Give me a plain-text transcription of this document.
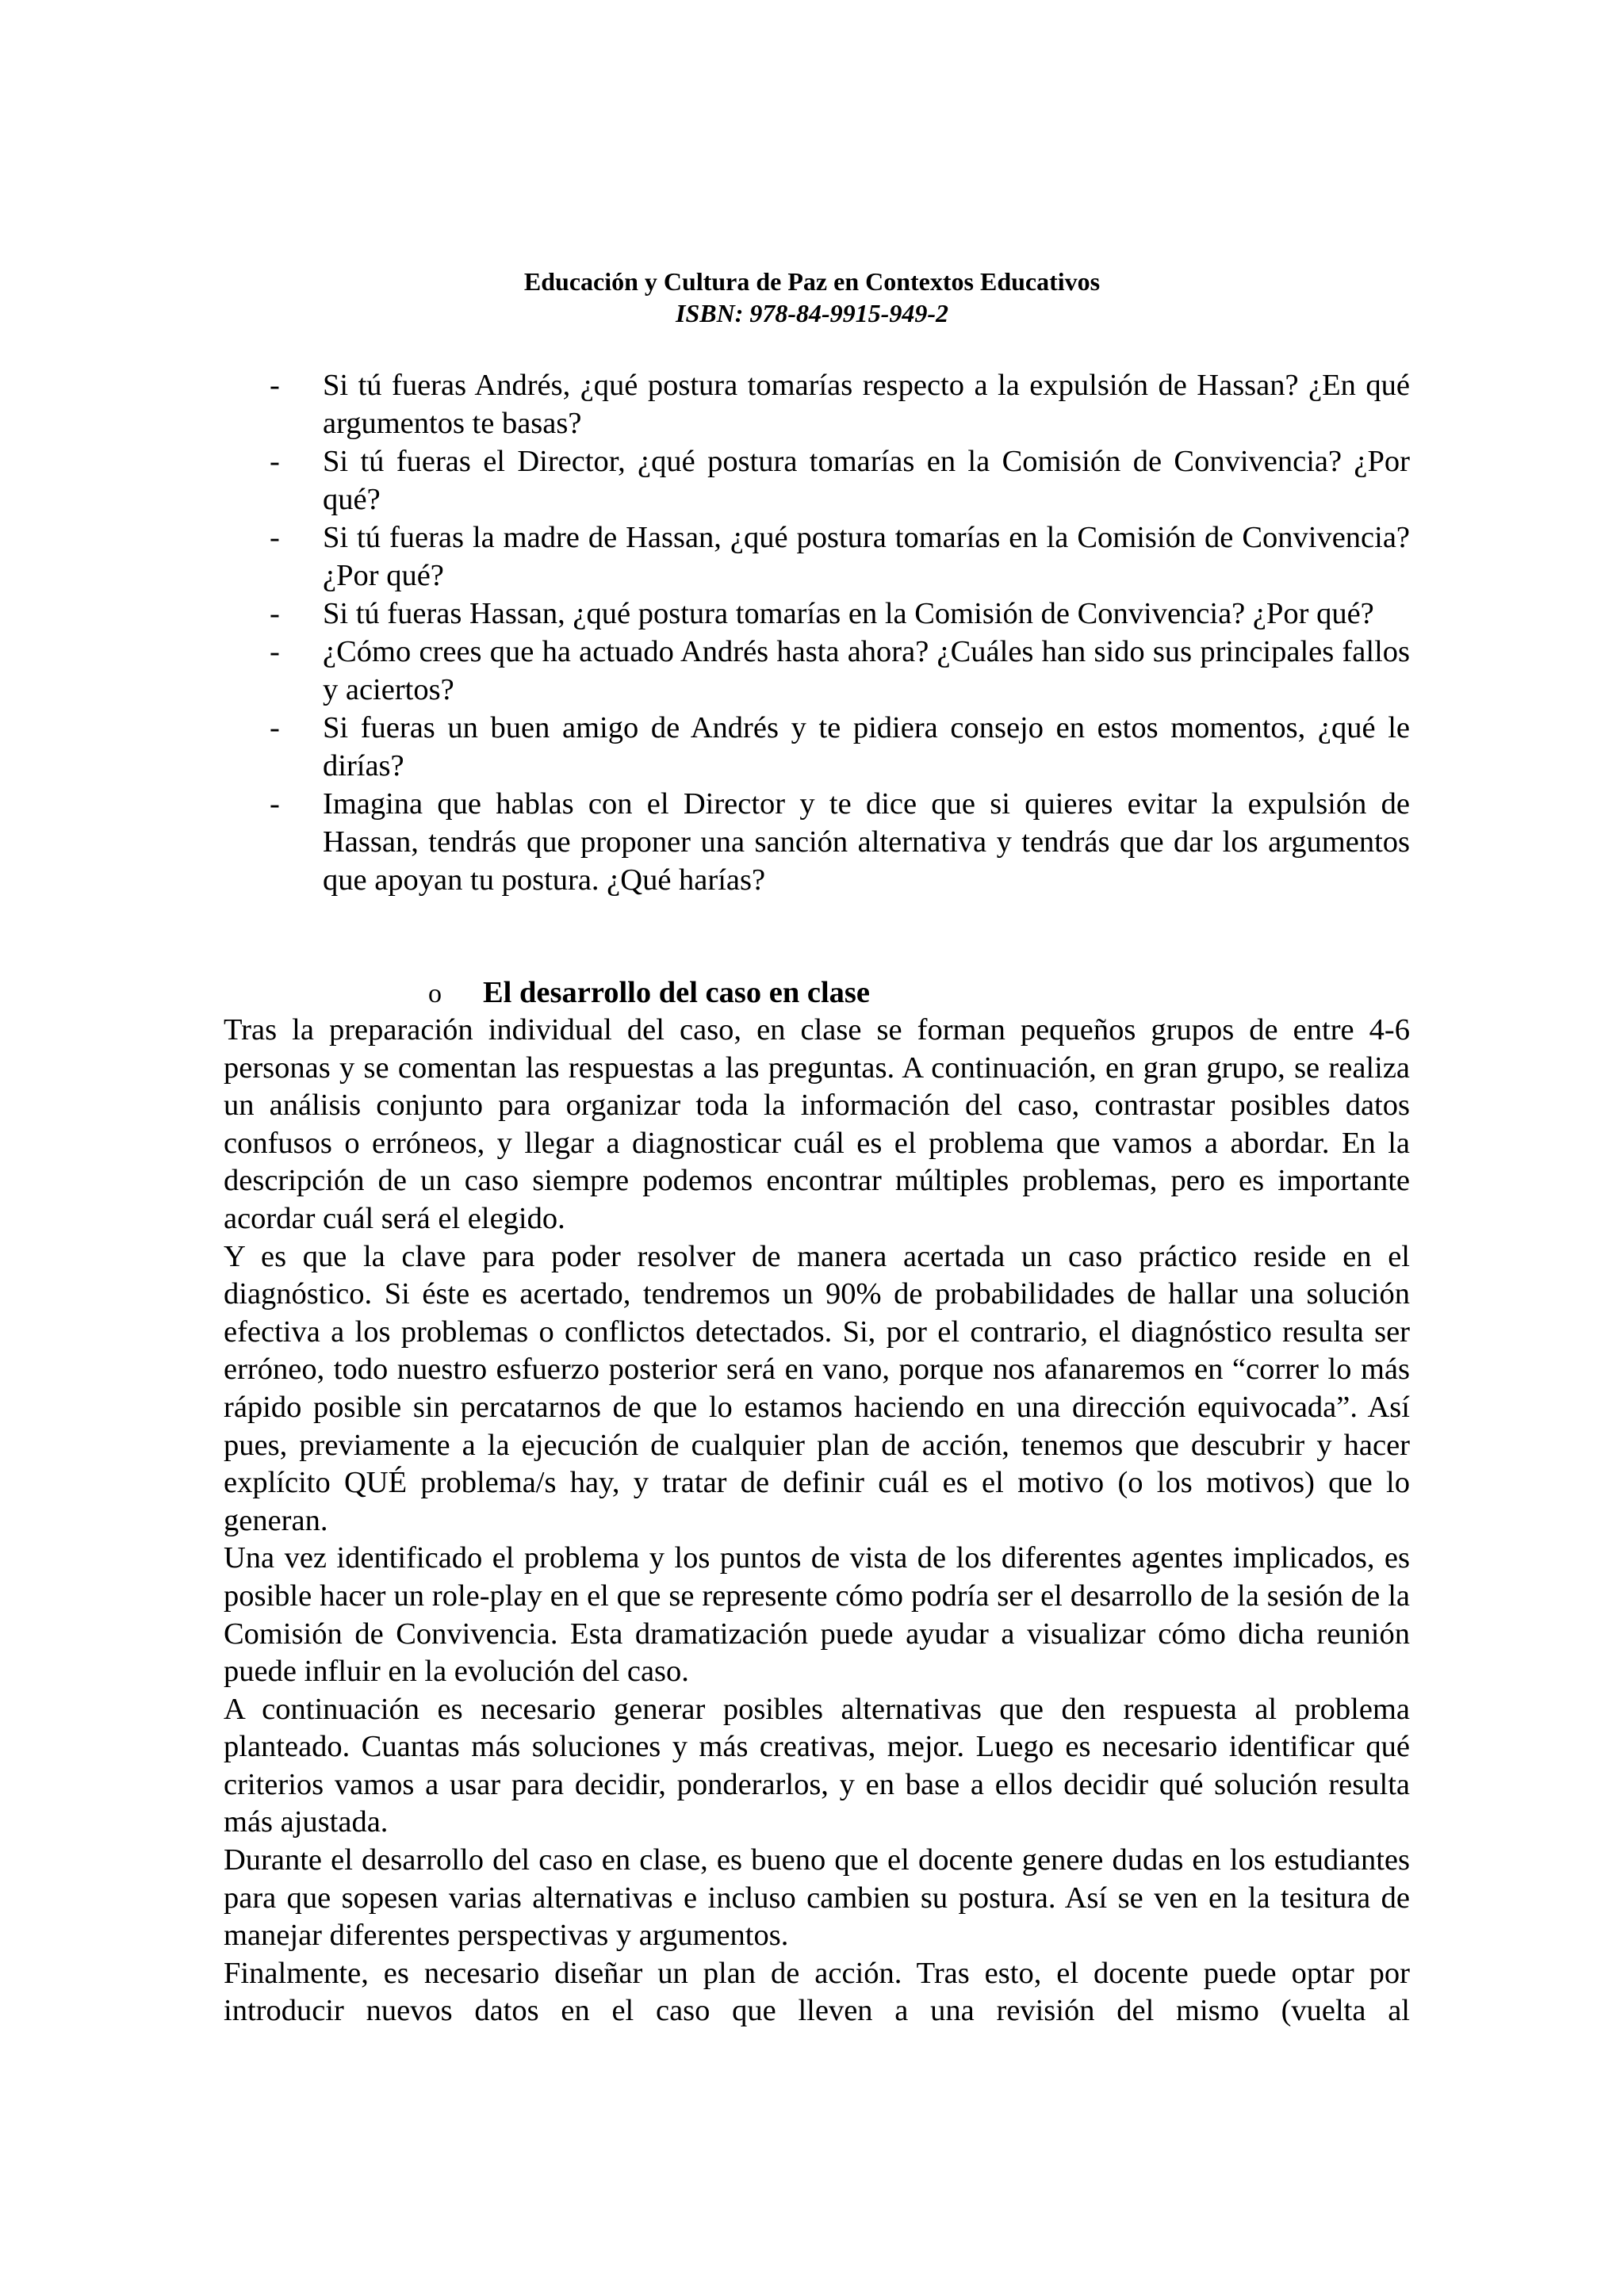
Educación y Cultura de Paz en Contextos Educativos
ISBN: 978-84-9915-949-2
- Si tú fueras Andrés, ¿qué postura tomarías respecto a la expulsión de Hassan? ¿En qué argumentos te basas?
- Si tú fueras el Director, ¿qué postura tomarías en la Comisión de Convivencia? ¿Por qué?
- Si tú fueras la madre de Hassan, ¿qué postura tomarías en la Comisión de Convivencia? ¿Por qué?
- Si tú fueras Hassan, ¿qué postura tomarías en la Comisión de Convivencia? ¿Por qué?
- ¿Cómo crees que ha actuado Andrés hasta ahora? ¿Cuáles han sido sus principales fallos y aciertos?
- Si fueras un buen amigo de Andrés y te pidiera consejo en estos momentos, ¿qué le dirías?
- Imagina que hablas con el Director y te dice que si quieres evitar la expulsión de Hassan, tendrás que proponer una sanción alternativa y tendrás que dar los argumentos que apoyan tu postura. ¿Qué harías?
o El desarrollo del caso en clase

Tras la preparación individual del caso, en clase se forman pequeños grupos de entre 4-6 personas y se comentan las respuestas a las preguntas. A continuación, en gran grupo, se realiza un análisis conjunto para organizar toda la información del caso, contrastar posibles datos confusos o erróneos, y llegar a diagnosticar cuál es el problema que vamos a abordar. En la descripción de un caso siempre podemos encontrar múltiples problemas, pero es importante acordar cuál será el elegido.

Y es que la clave para poder resolver de manera acertada un caso práctico reside en el diagnóstico. Si éste es acertado, tendremos un 90% de probabilidades de hallar una solución efectiva a los problemas o conflictos detectados. Si, por el contrario, el diagnóstico resulta ser erróneo, todo nuestro esfuerzo posterior será en vano, porque nos afanaremos en “correr lo más rápido posible sin percatarnos de que lo estamos haciendo en una dirección equivocada”. Así pues, previamente a la ejecución de cualquier plan de acción, tenemos que descubrir y hacer explícito QUÉ problema/s hay, y tratar de definir cuál es el motivo (o los motivos) que lo generan.

Una vez identificado el problema y los puntos de vista de los diferentes agentes implicados, es posible hacer un role-play en el que se represente cómo podría ser el desarrollo de la sesión de la Comisión de Convivencia. Esta dramatización puede ayudar a visualizar cómo dicha reunión puede influir en la evolución del caso.

A continuación es necesario generar posibles alternativas que den respuesta al problema planteado. Cuantas más soluciones y más creativas, mejor. Luego es necesario identificar qué criterios vamos a usar para decidir, ponderarlos, y en base a ellos decidir qué solución resulta más ajustada.

Durante el desarrollo del caso en clase, es bueno que el docente genere dudas en los estudiantes para que sopesen varias alternativas e incluso cambien su postura. Así se ven en la tesitura de manejar diferentes perspectivas y argumentos.

Finalmente, es necesario diseñar un plan de acción. Tras esto, el docente puede optar por introducir nuevos datos en el caso que lleven a una revisión del mismo (vuelta al
